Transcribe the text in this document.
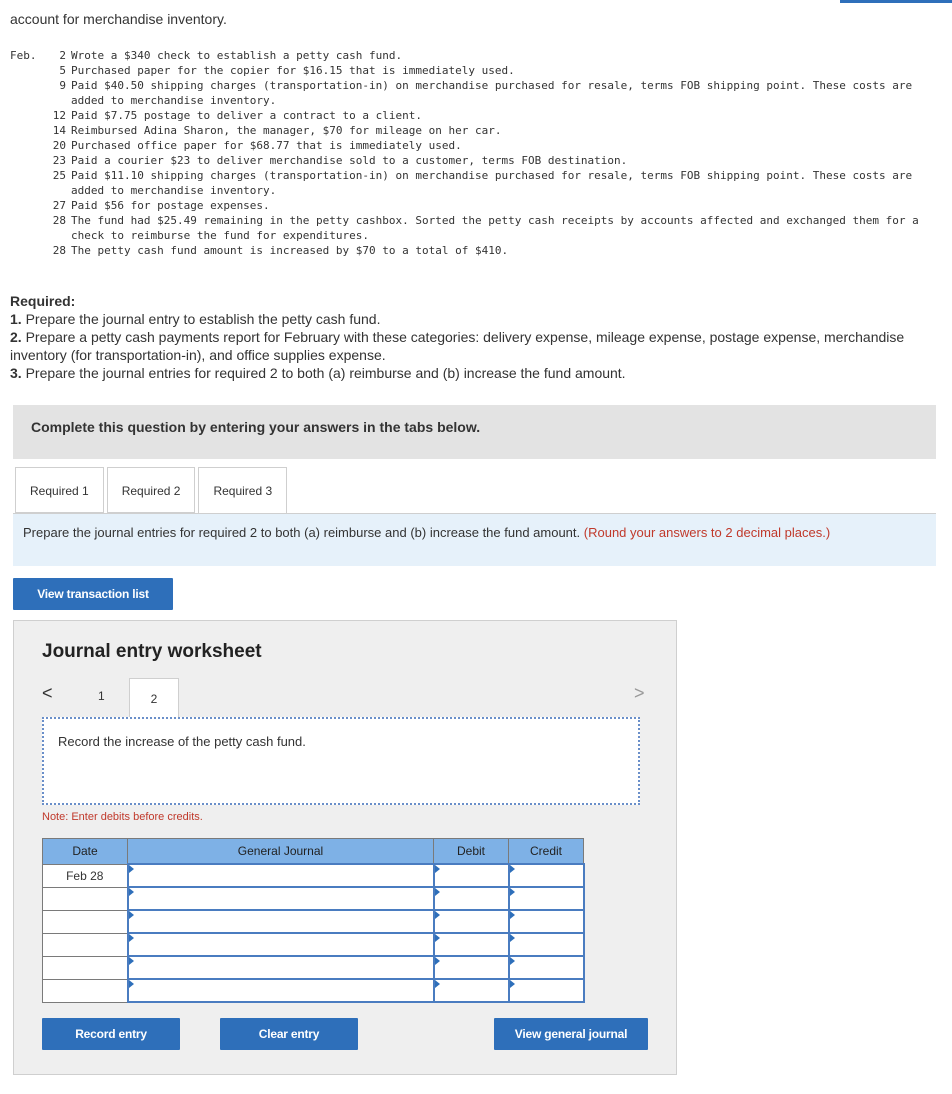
account for merchandise inventory.
Feb.	2 Wrote a $340 check to establish a petty cash fund.
5 Purchased paper for the copier for $16.15 that is immediately used.
9 Paid $40.50 shipping charges (transportation-in) on merchandise purchased for resale, terms FOB shipping point. These costs are added to merchandise inventory.
12 Paid $7.75 postage to deliver a contract to a client.
14 Reimbursed Adina Sharon, the manager, $70 for mileage on her car.
20 Purchased office paper for $68.77 that is immediately used.
23 Paid a courier $23 to deliver merchandise sold to a customer, terms FOB destination.
25 Paid $11.10 shipping charges (transportation-in) on merchandise purchased for resale, terms FOB shipping point. These costs are added to merchandise inventory.
27 Paid $56 for postage expenses.
28 The fund had $25.49 remaining in the petty cashbox. Sorted the petty cash receipts by accounts affected and exchanged them for a check to reimburse the fund for expenditures.
28 The petty cash fund amount is increased by $70 to a total of $410.
Required:
1. Prepare the journal entry to establish the petty cash fund.
2. Prepare a petty cash payments report for February with these categories: delivery expense, mileage expense, postage expense, merchandise inventory (for transportation-in), and office supplies expense.
3. Prepare the journal entries for required 2 to both (a) reimburse and (b) increase the fund amount.
Complete this question by entering your answers in the tabs below.
Required 1	Required 2	Required 3
Prepare the journal entries for required 2 to both (a) reimburse and (b) increase the fund amount. (Round your answers to 2 decimal places.)
View transaction list
Journal entry worksheet
<	1	2	>
Record the increase of the petty cash fund.
Note: Enter debits before credits.
Date	General Journal	Debit	Credit
Feb 28			

Record entry	Clear entry	View general journal
